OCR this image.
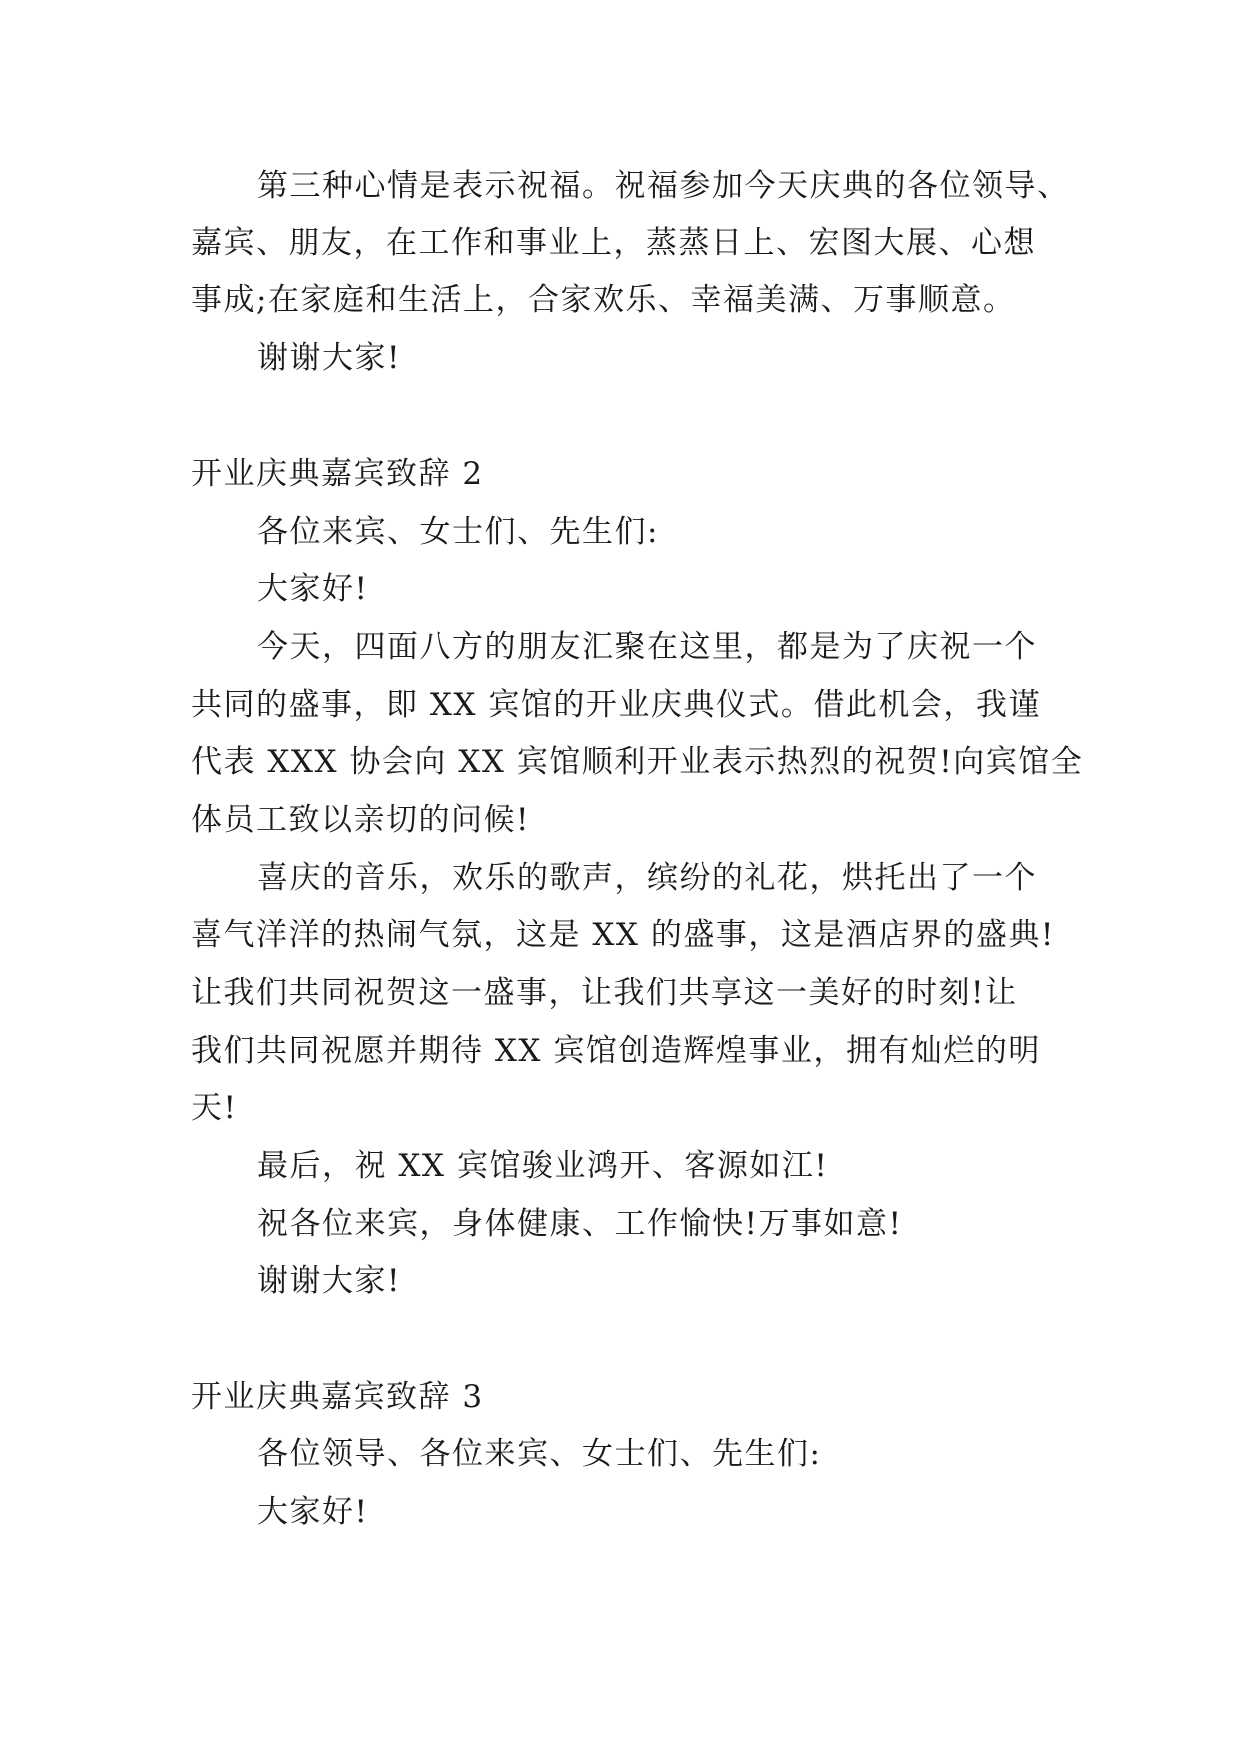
第三种心情是表示祝福。祝福参加今天庆典的各位领导、
嘉宾、朋友，在工作和事业上，蒸蒸日上、宏图大展、心想
事成;在家庭和生活上，合家欢乐、幸福美满、万事顺意。
谢谢大家!
开业庆典嘉宾致辞 2
各位来宾、女士们、先生们:
大家好!
今天，四面八方的朋友汇聚在这里，都是为了庆祝一个
共同的盛事，即 XX 宾馆的开业庆典仪式。借此机会，我谨
代表 XXX 协会向 XX 宾馆顺利开业表示热烈的祝贺!向宾馆全
体员工致以亲切的问候!
喜庆的音乐，欢乐的歌声，缤纷的礼花，烘托出了一个
喜气洋洋的热闹气氛，这是 XX 的盛事，这是酒店界的盛典!
让我们共同祝贺这一盛事，让我们共享这一美好的时刻!让
我们共同祝愿并期待 XX 宾馆创造辉煌事业，拥有灿烂的明
天!
最后，祝 XX 宾馆骏业鸿开、客源如江!
祝各位来宾，身体健康、工作愉快!万事如意!
谢谢大家!
开业庆典嘉宾致辞 3
各位领导、各位来宾、女士们、先生们:
大家好!
